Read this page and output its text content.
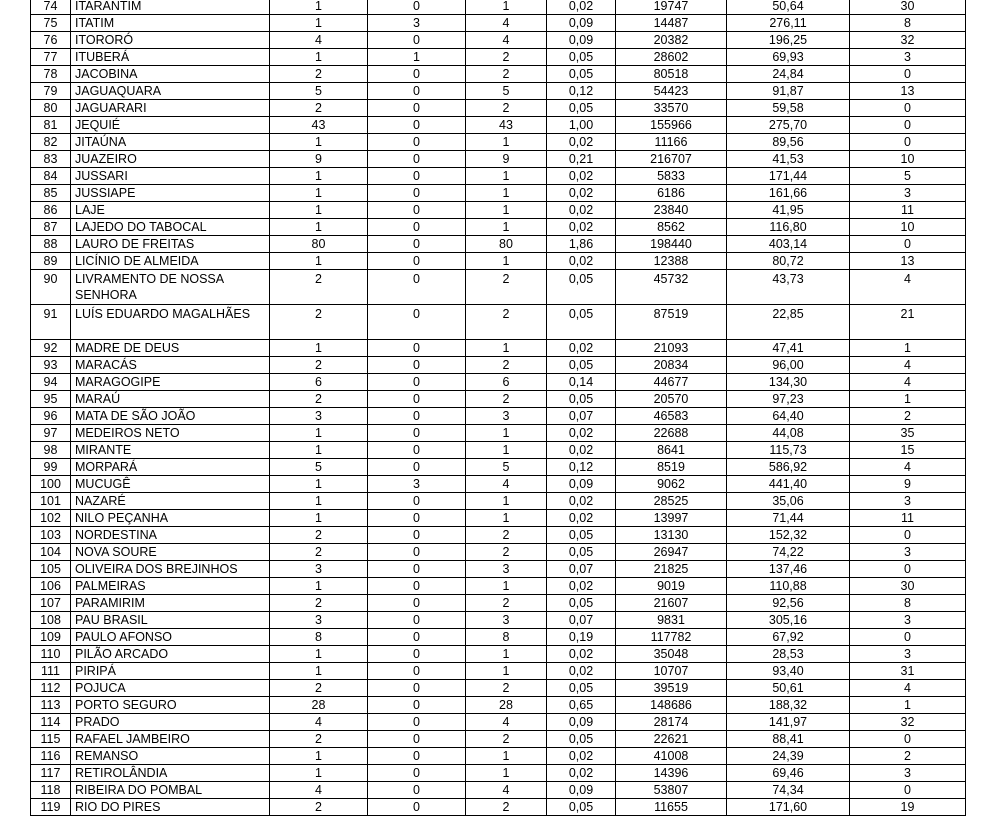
74	ITARANTIM	1	0	1	0,02	19747	50,64	30
75	ITATIM	1	3	4	0,09	14487	276,11	8
76	ITORORÓ	4	0	4	0,09	20382	196,25	32
77	ITUBERÁ	1	1	2	0,05	28602	69,93	3
78	JACOBINA	2	0	2	0,05	80518	24,84	0
79	JAGUAQUARA	5	0	5	0,12	54423	91,87	13
80	JAGUARARI	2	0	2	0,05	33570	59,58	0
81	JEQUIÉ	43	0	43	1,00	155966	275,70	0
82	JITAÚNA	1	0	1	0,02	11166	89,56	0
83	JUAZEIRO	9	0	9	0,21	216707	41,53	10
84	JUSSARI	1	0	1	0,02	5833	171,44	5
85	JUSSIAPE	1	0	1	0,02	6186	161,66	3
86	LAJE	1	0	1	0,02	23840	41,95	11
87	LAJEDO DO TABOCAL	1	0	1	0,02	8562	116,80	10
88	LAURO DE FREITAS	80	0	80	1,86	198440	403,14	0
89	LICÍNIO DE ALMEIDA	1	0	1	0,02	12388	80,72	13
90	LIVRAMENTO DE NOSSA SENHORA	2	0	2	0,05	45732	43,73	4
91	LUÍS EDUARDO MAGALHÃES	2	0	2	0,05	87519	22,85	21
92	MADRE DE DEUS	1	0	1	0,02	21093	47,41	1
93	MARACÁS	2	0	2	0,05	20834	96,00	4
94	MARAGOGIPE	6	0	6	0,14	44677	134,30	4
95	MARAÚ	2	0	2	0,05	20570	97,23	1
96	MATA DE SÃO JOÃO	3	0	3	0,07	46583	64,40	2
97	MEDEIROS NETO	1	0	1	0,02	22688	44,08	35
98	MIRANTE	1	0	1	0,02	8641	115,73	15
99	MORPARÁ	5	0	5	0,12	8519	586,92	4
100	MUCUGÊ	1	3	4	0,09	9062	441,40	9
101	NAZARÉ	1	0	1	0,02	28525	35,06	3
102	NILO PEÇANHA	1	0	1	0,02	13997	71,44	11
103	NORDESTINA	2	0	2	0,05	13130	152,32	0
104	NOVA SOURE	2	0	2	0,05	26947	74,22	3
105	OLIVEIRA DOS BREJINHOS	3	0	3	0,07	21825	137,46	0
106	PALMEIRAS	1	0	1	0,02	9019	110,88	30
107	PARAMIRIM	2	0	2	0,05	21607	92,56	8
108	PAU BRASIL	3	0	3	0,07	9831	305,16	3
109	PAULO AFONSO	8	0	8	0,19	117782	67,92	0
110	PILÃO ARCADO	1	0	1	0,02	35048	28,53	3
111	PIRIPÁ	1	0	1	0,02	10707	93,40	31
112	POJUCA	2	0	2	0,05	39519	50,61	4
113	PORTO SEGURO	28	0	28	0,65	148686	188,32	1
114	PRADO	4	0	4	0,09	28174	141,97	32
115	RAFAEL JAMBEIRO	2	0	2	0,05	22621	88,41	0
116	REMANSO	1	0	1	0,02	41008	24,39	2
117	RETIROLÂNDIA	1	0	1	0,02	14396	69,46	3
118	RIBEIRA DO POMBAL	4	0	4	0,09	53807	74,34	0
119	RIO DO PIRES	2	0	2	0,05	11655	171,60	19
